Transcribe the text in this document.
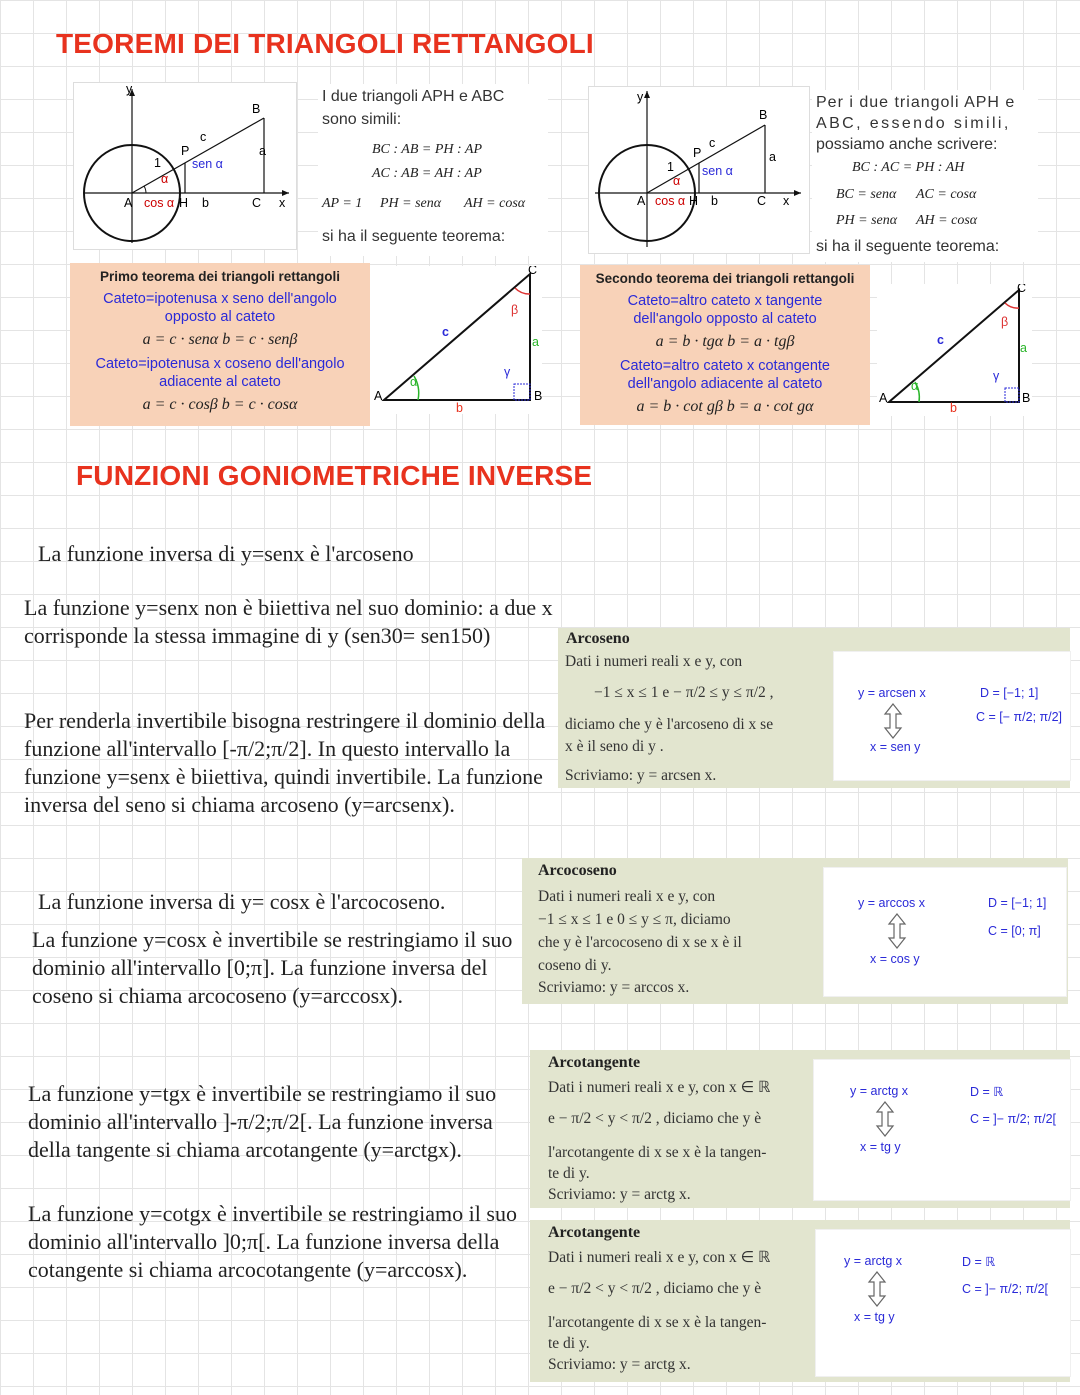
TEOREMI DEI TRIANGOLI RETTANGOLI
y
x
B
C
P
H
A
a
b
c
1
α
sen α
cos α
I due triangoli APH e ABC
sono simili:
BC : AB = PH : AP
AC : AB = AH : AP
AP = 1 PH = senα AH = cosα
si ha il seguente teorema:
y
x
B
C
P
H
A
a
b
c
1
α
sen α
cos α
Per i due triangoli APH e
ABC, essendo simili,
possiamo anche scrivere:
BC : AC = PH : AH
BC = senα AC = cosα
PH = senα AH = cosα
si ha il seguente teorema:
Primo teorema dei triangoli rettangoli
Cateto=ipotenusa x seno dell'angolo
opposto al cateto
a = c · senα b = c · senβ
Cateto=ipotenusa x coseno dell'angolo
adiacente al cateto
a = c · cosβ b = c · cosα	A	B
C
a
b
c
α
β
γ
Secondo teorema dei triangoli rettangoli
Cateto=altro cateto x tangente
dell'angolo opposto al cateto
a = b · tgα b = a · tgβ
Cateto=altro cateto x cotangente
dell'angolo adiacente al cateto
a = b · cot gβ b = a · cot gα	A	B
C
a
b
c
α
β
γ
FUNZIONI GONIOMETRICHE INVERSE
La funzione inversa di y=senx è l'arcoseno
La funzione y=senx non è biiettiva nel suo dominio: a due x corrisponde la stessa immagine di y (sen30= sen150)
Per renderla invertibile bisogna restringere il dominio della funzione all'intervallo [-π/2;π/2]. In questo intervallo la funzione y=senx è biiettiva, quindi invertibile. La funzione inversa del seno si chiama arcoseno (y=arcsenx).
Arcoseno
Dati i numeri reali x e y, con
−1 ≤ x ≤ 1 e − π/2 ≤ y ≤ π/2 ,
diciamo che y è l'arcoseno di x se
x è il seno di y .
Scriviamo: y = arcsen x.
y = arcsen x
x = sen y
D = [−1; 1]
C = [− π/2; π/2]
La funzione inversa di y= cosx è l'arcocoseno.
La funzione y=cosx è invertibile se restringiamo il suo dominio all'intervallo [0;π]. La funzione inversa del coseno si chiama arcocoseno (y=arccosx).
Arcocoseno
Dati i numeri reali x e y, con
−1 ≤ x ≤ 1 e 0 ≤ y ≤ π, diciamo
che y è l'arcocoseno di x se x è il
coseno di y.
Scriviamo: y = arccos x.
y = arccos x
x = cos y
D = [−1; 1]
C = [0; π]
La funzione y=tgx è invertibile se restringiamo il suo dominio all'intervallo ]-π/2;π/2[. La funzione inversa della tangente si chiama arcotangente (y=arctgx).
Arcotangente
Dati i numeri reali x e y, con x ∈ ℝ
e − π/2 < y < π/2 , diciamo che y è
l'arcotangente di x se x è la tangen-
te di y.
Scriviamo: y = arctg x.
y = arctg x
x = tg y
D = ℝ
C = ]− π/2; π/2[
La funzione y=cotgx è invertibile se restringiamo il suo dominio all'intervallo ]0;π[. La funzione inversa della cotangente si chiama arcocotangente (y=arccosx).
Arcotangente
Dati i numeri reali x e y, con x ∈ ℝ
e − π/2 < y < π/2 , diciamo che y è
l'arcotangente di x se x è la tangen-
te di y.
Scriviamo: y = arctg x.
y = arctg x
x = tg y
D = ℝ
C = ]− π/2; π/2[
